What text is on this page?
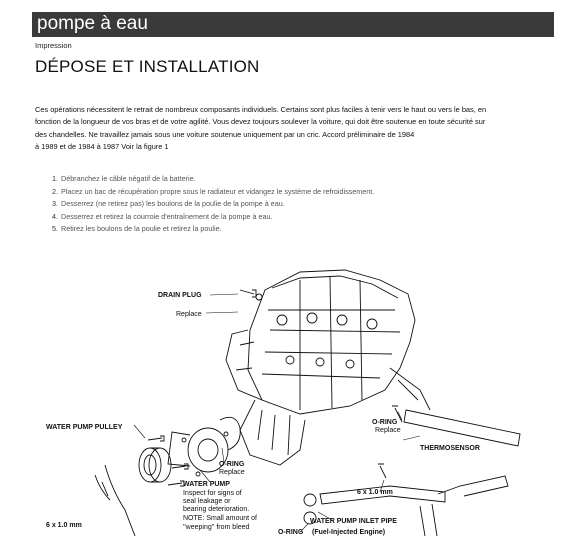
pompe à eau
Impression
DÉPOSE ET INSTALLATION
Ces opérations nécessitent le retrait de nombreux composants individuels. Certains sont plus faciles à tenir vers le haut ou vers le bas, en
fonction de la longueur de vos bras et de votre agilité. Vous devez toujours soulever la voiture, qui doit être soutenue en toute sécurité sur
des chandelles. Ne travaillez jamais sous une voiture soutenue uniquement par un cric. Accord préliminaire de 1984
à 1989 et de 1984 à 1987 Voir la figure 1
1. Débranchez le câble négatif de la batterie.
2. Placez un bac de récupération propre sous le radiateur et vidangez le système de refroidissement.
3. Desserrez (ne retirez pas) les boulons de la poulie de la pompe à eau.
4. Desserrez et retirez la courroie d'entraînement de la pompe à eau.
5. Retirez les boulons de la poulie et retirez la poulie.
DRAIN PLUG
Replace
WATER PUMP PULLEY
O-RING
Replace
WATER PUMP
Inspect for signs of
seal leakage or
bearing deterioration.
NOTE: Small amount of
''weeping'' from bleed
O-RING
Replace
THERMOSENSOR
6 x 1.0 mm
6 x 1.0 mm
WATER PUMP INLET PIPE
O-RING (Fuel-Injected Engine)
